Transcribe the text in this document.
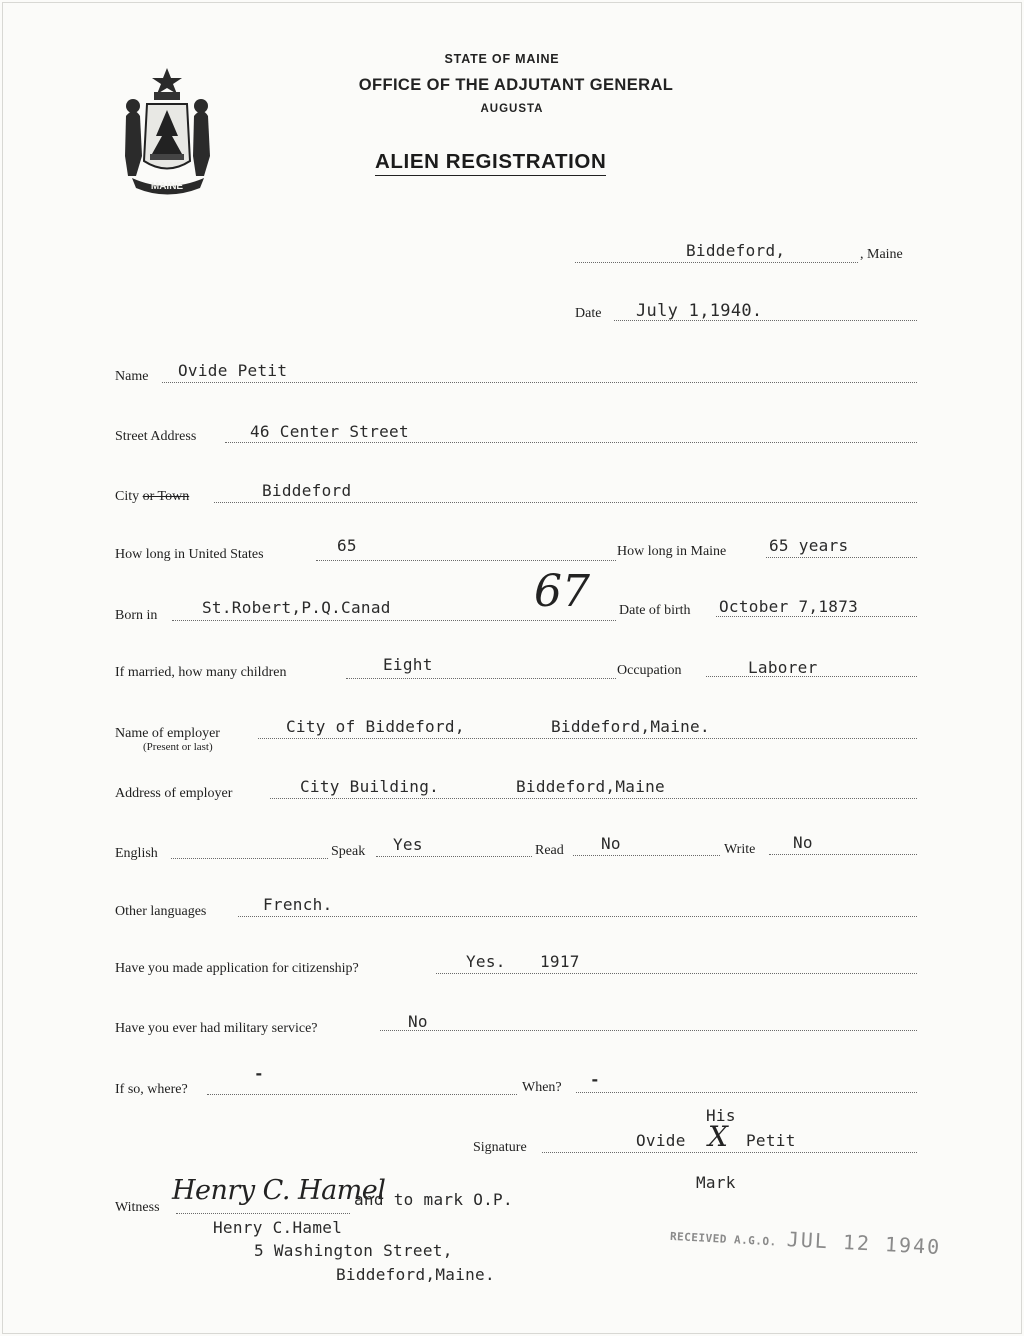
MAINE
STATE OF MAINE
OFFICE OF THE ADJUTANT GENERAL
AUGUSTA
ALIEN REGISTRATION
Biddeford,	, Maine
Date July 1,1940.
Name Ovide Petit
Street Address	46 Center Street
City or Town	Biddeford
How long in United States	65	How long in Maine	65 years
Born in	St.Robert,P.Q.Canad	67 Date of birth October 7,1873
If married, how many children	Eight	Occupation	Laborer
Name of employer
(Present or last)
City of Biddeford,	Biddeford,Maine.
Address of employer	City Building.	Biddeford,Maine
English	Speak Yes	Read No	Write No
Other languages	French.
Have you made application for citizenship?	Yes. 1917
Have you ever had military service?	No
If so, where?
-
When? -
His
Signature	Ovide X Petit
Mark
Witness
Henry C. Hamel
and to mark O.P.
Henry C.Hamel
5 Washington Street,
Biddeford,Maine.
RECEIVED A.G.O. JUL 12 1940
